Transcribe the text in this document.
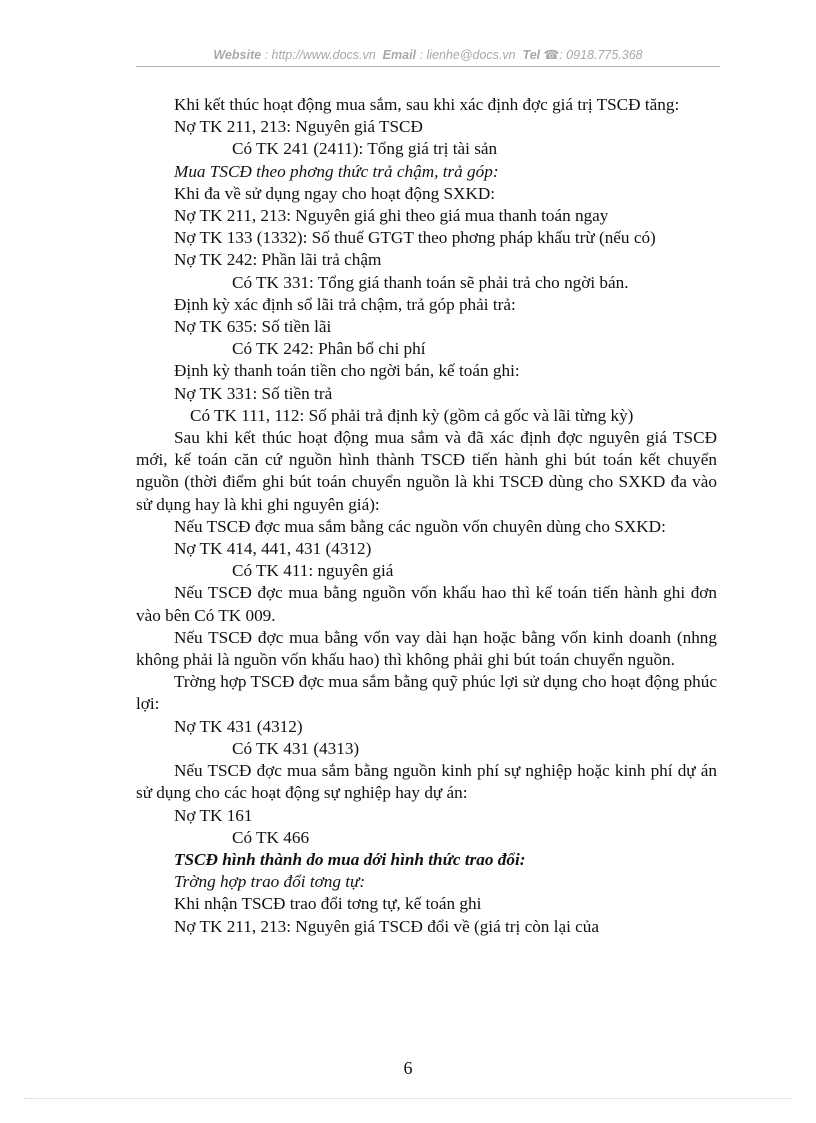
Website : http://www.docs.vn Email : lienhe@docs.vn Tel ☎: 0918.775.368

Khi kết thúc hoạt động mua sắm, sau khi xác định đợc giá trị TSCĐ tăng:

Nợ TK 211, 213: Nguyên giá TSCĐ

Có TK 241 (2411): Tổng giá trị tài sản

Mua TSCĐ theo phơng thức trả chậm, trả góp:

Khi đa về sử dụng ngay cho hoạt động SXKD:

Nợ TK 211, 213: Nguyên giá ghi theo giá mua thanh toán ngay

Nợ TK 133 (1332): Số thuế GTGT theo phơng pháp khấu trừ (nếu có)

Nợ TK 242: Phần lãi trả chậm

Có TK 331: Tổng giá thanh toán sẽ phải trả cho ngời bán.

Định kỳ xác định sổ lãi trả chậm, trả góp phải trả:

Nợ TK 635: Số tiền lãi

Có TK 242: Phân bổ chi phí

Định kỳ thanh toán tiền cho ngời bán, kế toán ghi:

Nợ TK 331: Số tiền trả

Có TK 111, 112: Số phải trả định kỳ (gồm cả gốc và lãi từng kỳ)

Sau khi kết thúc hoạt động mua sắm và đã xác định đợc nguyên giá TSCĐ mới, kế toán căn cứ nguồn hình thành TSCĐ tiến hành ghi bút toán kết chuyển nguồn (thời điểm ghi bút toán chuyển nguồn là khi TSCĐ dùng cho SXKD đa vào sử dụng hay là khi ghi nguyên giá):

Nếu TSCĐ đợc mua sắm bằng các nguồn vốn chuyên dùng cho SXKD:

Nợ TK 414, 441, 431 (4312)

Có TK 411: nguyên giá

Nếu TSCĐ đợc mua bằng nguồn vốn khấu hao thì kế toán tiến hành ghi đơn vào bên Có TK 009.

Nếu TSCĐ đợc mua bằng vốn vay dài hạn hoặc bằng vốn kinh doanh (nhng không phải là nguồn vốn khấu hao) thì không phải ghi bút toán chuyển nguồn.

Trờng hợp TSCĐ đợc mua sắm bằng quỹ phúc lợi sử dụng cho hoạt động phúc lợi:

Nợ TK 431 (4312)

Có TK 431 (4313)

Nếu TSCĐ đợc mua sắm bằng nguồn kinh phí sự nghiệp hoặc kinh phí dự án sử dụng cho các hoạt động sự nghiệp hay dự án:

Nợ TK 161

Có TK 466

TSCĐ hình thành do mua dới hình thức trao đổi:

Trờng hợp trao đổi tơng tự:

Khi nhận TSCĐ trao đổi tơng tự, kế toán ghi

Nợ TK 211, 213: Nguyên giá TSCĐ đổi về (giá trị còn lại của

6
